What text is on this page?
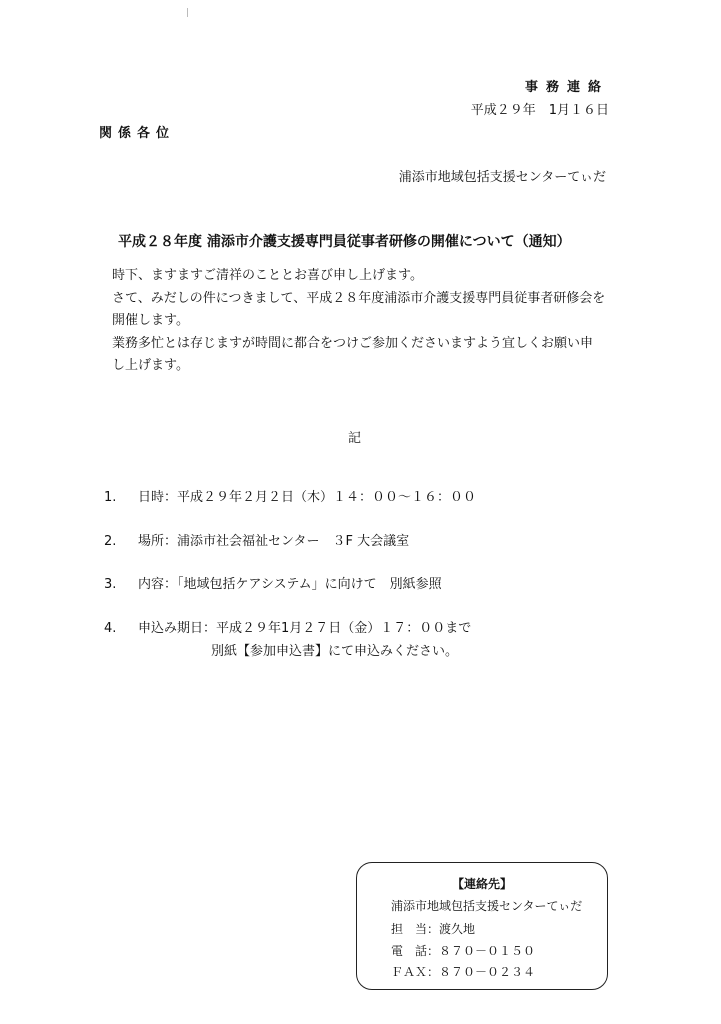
事務連絡
平成２９年　1月１６日
関係各位
浦添市地域包括支援センターてぃだ
平成２８年度 浦添市介護支援専門員従事者研修の開催について（通知）

時下、ますますご清祥のこととお喜び申し上げます。

さて、みだしの件につきまして、平成２８年度浦添市介護支援専門員従事者研修会を

開催します。

業務多忙とは存じますが時間に都合をつけご参加くださいますよう宜しくお願い申

し上げます。

記
1. 日時：平成２９年２月２日（木）１４：００〜１６：００
2. 場所：浦添市社会福祉センター　３F 大会議室
3. 内容：「地域包括ケアシステム」に向けて　別紙参照
4. 申込み期日：平成２９年1月２７日（金）１７：００まで
別紙【参加申込書】にて申込みください。
【連絡先】
浦添市地域包括支援センターてぃだ
担　当：渡久地
電　話：８７０－０１５０
ＦＡＸ：８７０－０２３４
